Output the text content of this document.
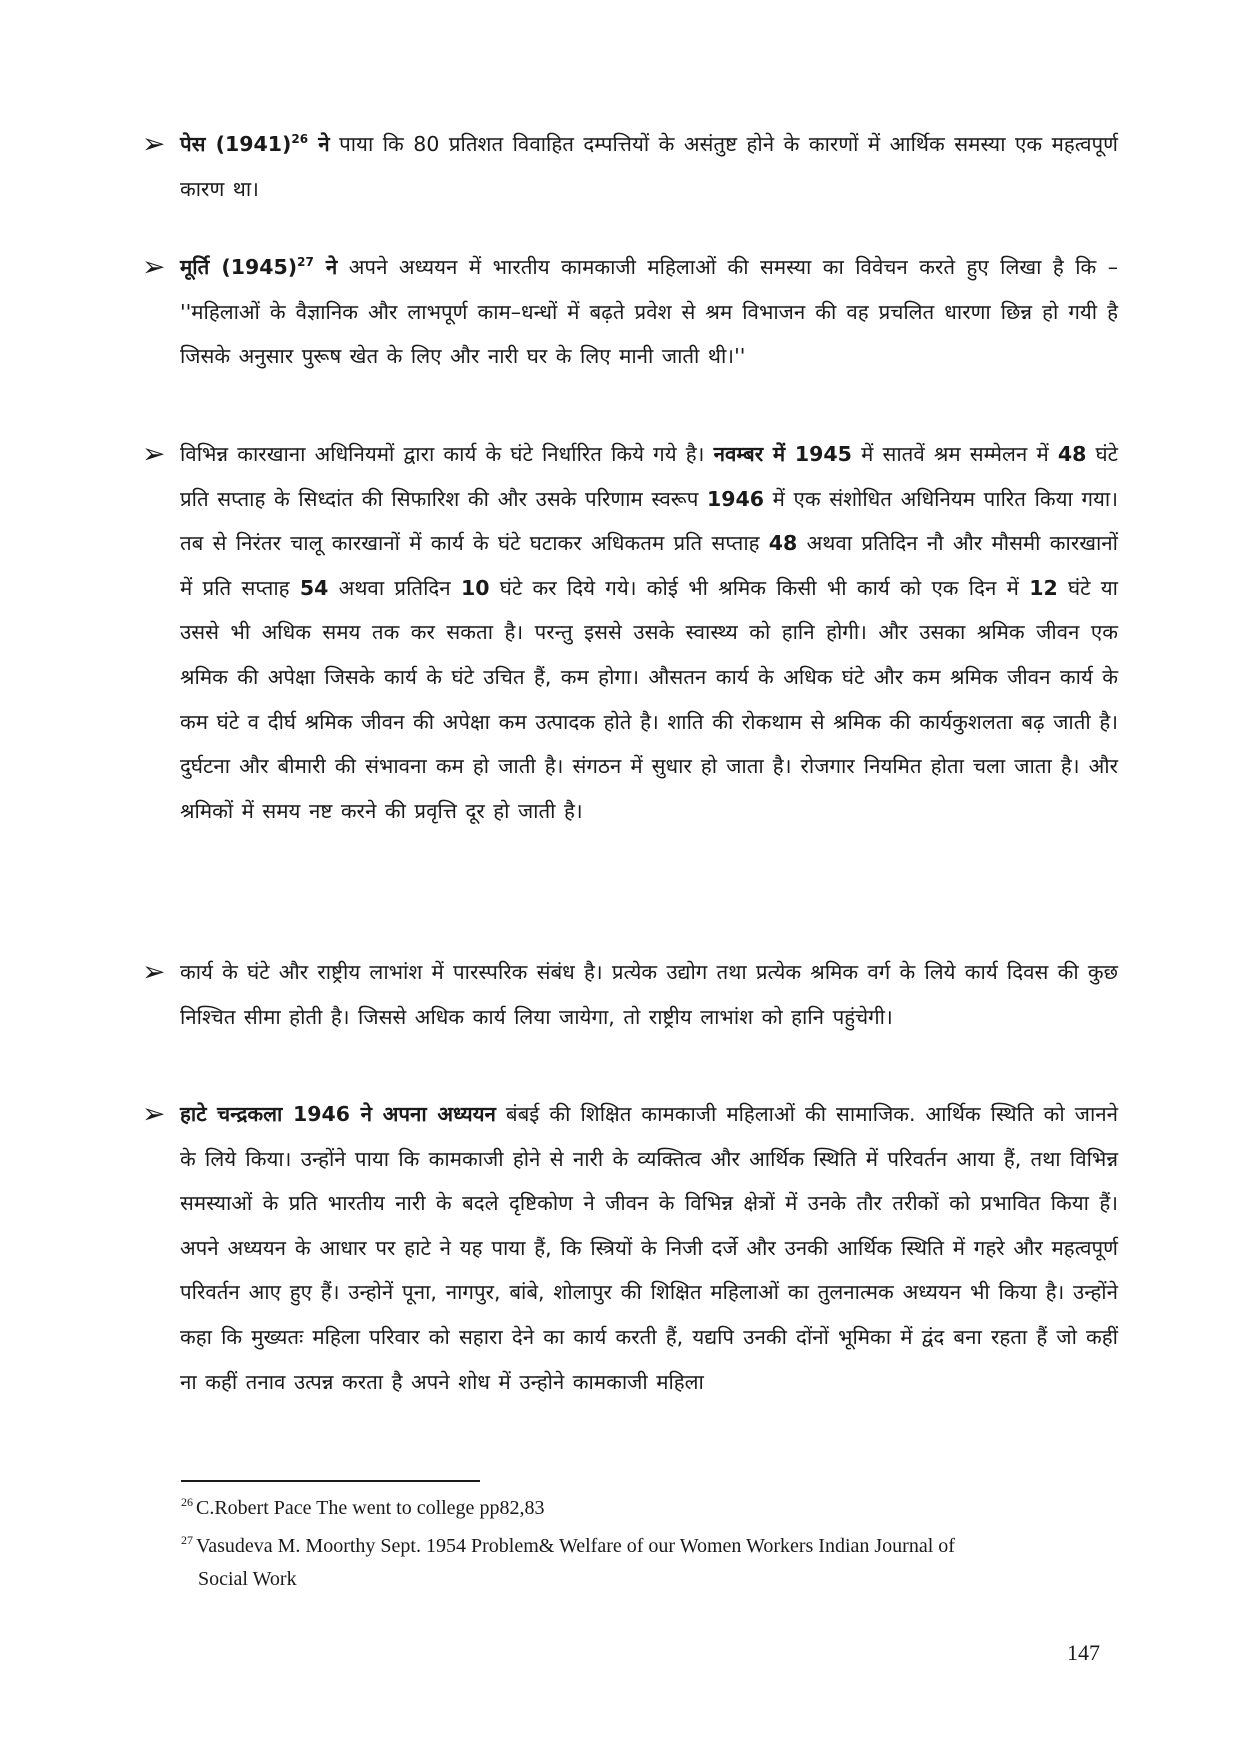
➢ पेस $(1941)^{26}$ ने पाया कि 80 प्रतिशत विवाहित दम्पत्तियों के असंतुष्ट होने के कारणों में आर्थिक समस्या एक महत्वपूर्ण कारण था।

➢ मूर्ति $(1945)^{27}$ ने अपने अध्ययन में भारतीय कामकाजी महिलाओं की समस्या का विवेचन करते हुए लिखा है कि – ''महिलाओं के वैज्ञानिक और लाभपूर्ण काम–धन्धों में बढ़ते प्रवेश से श्रम विभाजन की वह प्रचलित धारणा छिन्न हो गयी है जिसके अनुसार पुरूष खेत के लिए और नारी घर के लिए मानी जाती थी।''

➢ विभिन्न कारखाना अधिनियमों द्वारा कार्य के घंटे निर्धारित किये गये है। नवम्बर में 1945 में सातवें श्रम सम्मेलन में 48 घंटे प्रति सप्ताह के सिध्दांत की सिफारिश की और उसके परिणाम स्वरूप 1946 में एक संशोधित अधिनियम पारित किया गया। तब से निरंतर चालू कारखानों में कार्य के घंटे घटाकर अधिकतम प्रति सप्ताह 48 अथवा प्रतिदिन नौ और मौसमी कारखानों में प्रति सप्ताह 54 अथवा प्रतिदिन 10 घंटे कर दिये गये। कोई भी श्रमिक किसी भी कार्य को एक दिन में 12 घंटे या उससे भी अधिक समय तक कर सकता है। परन्तु इससे उसके स्वास्थ्य को हानि होगी। और उसका श्रमिक जीवन एक श्रमिक की अपेक्षा जिसके कार्य के घंटे उचित हैं, कम होगा। औसतन कार्य के अधिक घंटे और कम श्रमिक जीवन कार्य के कम घंटे व दीर्घ श्रमिक जीवन की अपेक्षा कम उत्पादक होते है। शाति की रोकथाम से श्रमिक की कार्यकुशलता बढ़ जाती है। दुर्घटना और बीमारी की संभावना कम हो जाती है। संगठन में सुधार हो जाता है। रोजगार नियमित होता चला जाता है। और श्रमिकों में समय नष्ट करने की प्रवृत्ति दूर हो जाती है।

➢ कार्य के घंटे और राष्ट्रीय लाभांश में पारस्परिक संबंध है। प्रत्येक उद्योग तथा प्रत्येक श्रमिक वर्ग के लिये कार्य दिवस की कुछ निश्चित सीमा होती है। जिससे अधिक कार्य लिया जायेगा, तो राष्ट्रीय लाभांश को हानि पहुंचेगी।

➢ हाटे चन्द्रकला 1946 ने अपना अध्ययन बंबई की शिक्षित कामकाजी महिलाओं की सामाजिक. आर्थिक स्थिति को जानने के लिये किया। उन्होंने पाया कि कामकाजी होने से नारी के व्यक्तित्व और आर्थिक स्थिति में परिवर्तन आया हैं, तथा विभिन्न समस्याओं के प्रति भारतीय नारी के बदले दृष्टिकोण ने जीवन के विभिन्न क्षेत्रों में उनके तौर तरीकों को प्रभावित किया हैं। अपने अध्ययन के आधार पर हाटे ने यह पाया हैं, कि स्त्रियों के निजी दर्जे और उनकी आर्थिक स्थिति में गहरे और महत्वपूर्ण परिवर्तन आए हुए हैं। उन्होनें पूना, नागपुर, बांबे, शोलापुर की शिक्षित महिलाओं का तुलनात्मक अध्ययन भी किया है। उन्होंने कहा कि मुख्यतः महिला परिवार को सहारा देने का कार्य करती हैं, यद्यपि उनकी दोंनों भूमिका में द्वंद बना रहता हैं जो कहीं ना कहीं तनाव उत्पन्न करता है अपने शोध में उन्होने कामकाजी महिला

$^{26}$ C.Robert Pace The went to college pp82,83
$^{27}$ Vasudeva M. Moorthy Sept. 1954 Problem& Welfare of our Women Workers Indian Journal of
Social Work
147
